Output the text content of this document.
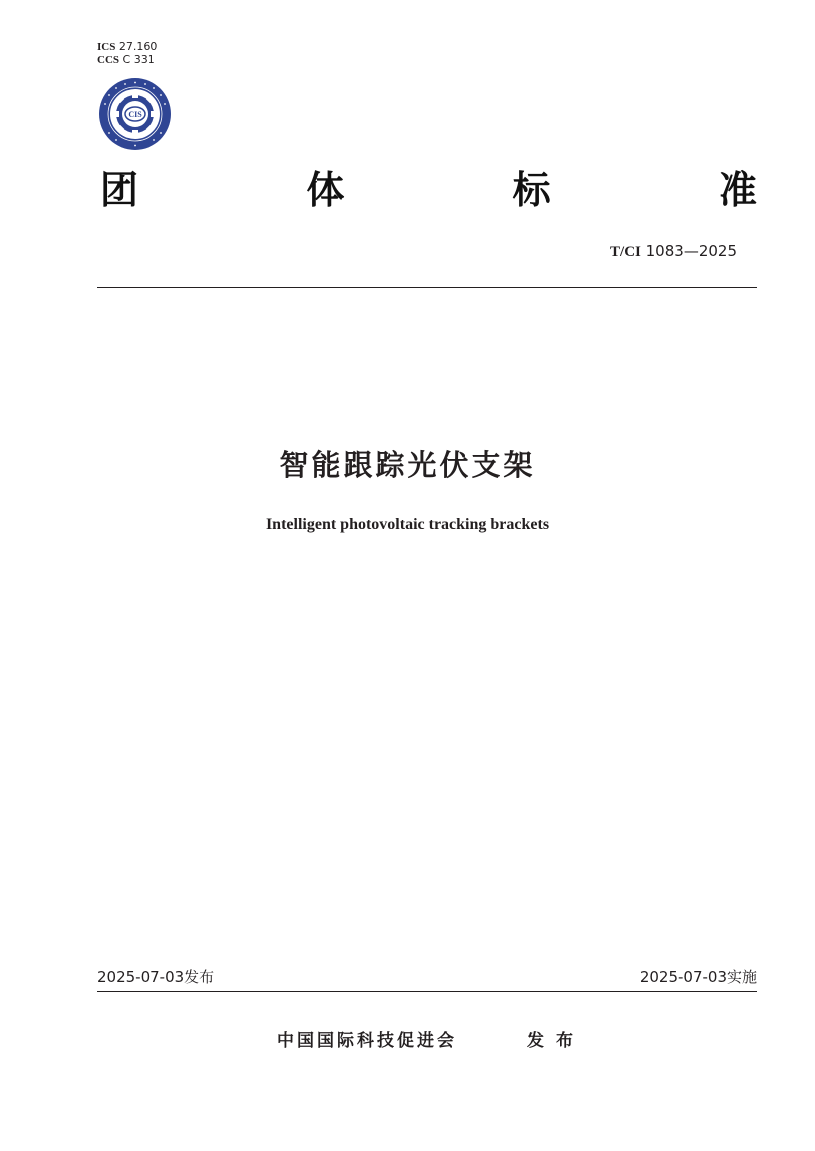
ICS 27.160
CCS C 331
CIS
团	体	标	准
T/CI 1083—2025
智能跟踪光伏支架
Intelligent photovoltaic tracking brackets
2025-07-03发布	2025-07-03实施
中国国际科技促进会	发布
